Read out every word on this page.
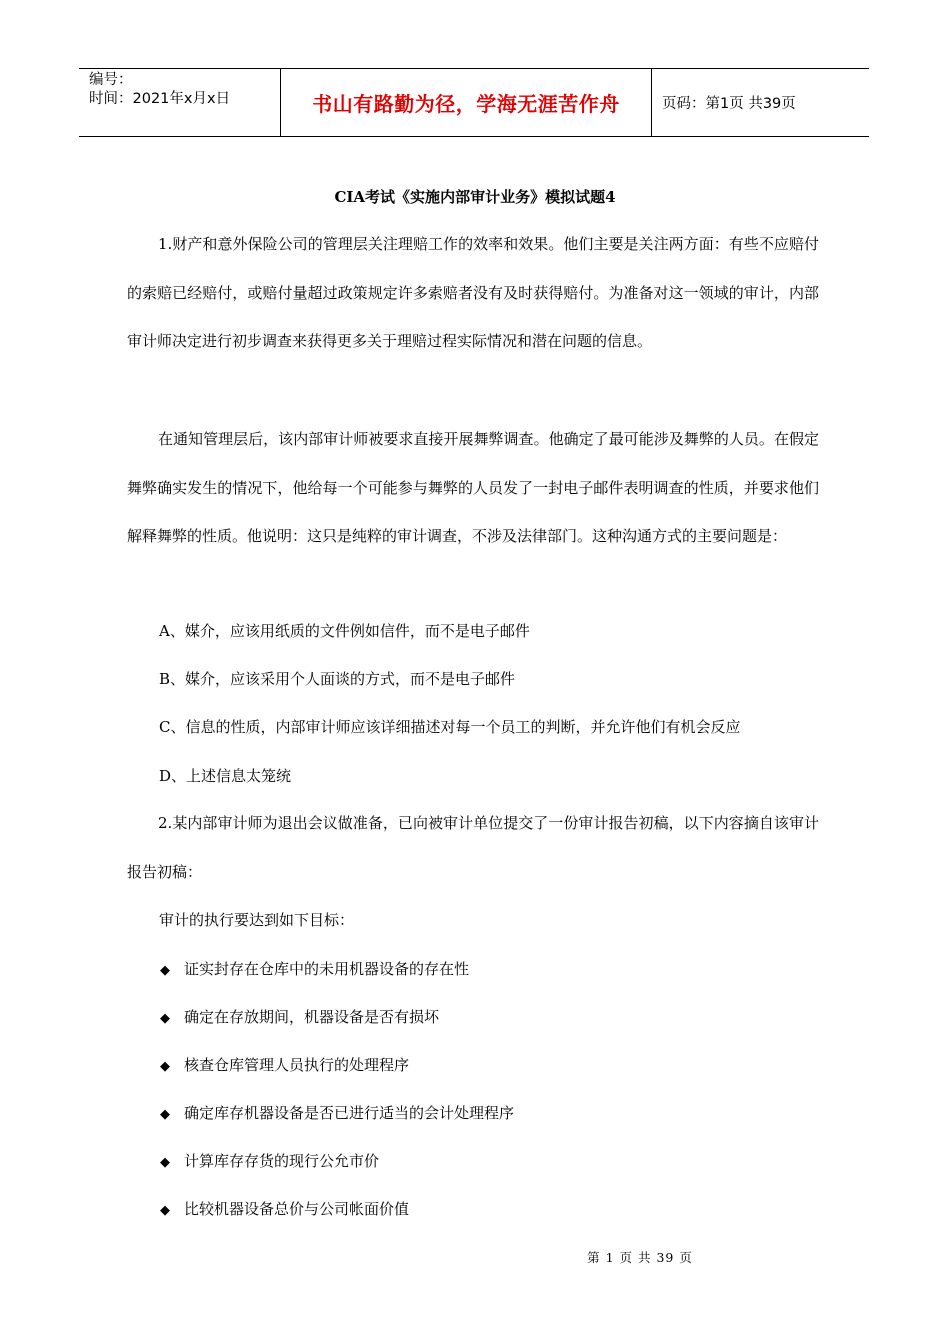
编号：
时间：2021年x月x日	书山有路勤为径，学海无涯苦作舟	页码：第1页 共39页
CIA考试《实施内部审计业务》模拟试题4

1.财产和意外保险公司的管理层关注理赔工作的效率和效果。他们主要是关注两方面：有些不应赔付的索赔已经赔付，或赔付量超过政策规定许多索赔者没有及时获得赔付。为准备对这一领域的审计，内部审计师决定进行初步调查来获得更多关于理赔过程实际情况和潜在问题的信息。

在通知管理层后，该内部审计师被要求直接开展舞弊调查。他确定了最可能涉及舞弊的人员。在假定舞弊确实发生的情况下，他给每一个可能参与舞弊的人员发了一封电子邮件表明调查的性质，并要求他们解释舞弊的性质。他说明：这只是纯粹的审计调查，不涉及法律部门。这种沟通方式的主要问题是：

A、媒介，应该用纸质的文件例如信件，而不是电子邮件

B、媒介，应该采用个人面谈的方式，而不是电子邮件

C、信息的性质，内部审计师应该详细描述对每一个员工的判断，并允许他们有机会反应

D、上述信息太笼统

2.某内部审计师为退出会议做准备，已向被审计单位提交了一份审计报告初稿，以下内容摘自该审计报告初稿：

审计的执行要达到如下目标：

◆ 证实封存在仓库中的未用机器设备的存在性

◆ 确定在存放期间，机器设备是否有损坏

◆ 核查仓库管理人员执行的处理程序

◆ 确定库存机器设备是否已进行适当的会计处理程序

◆ 计算库存存货的现行公允市价

◆ 比较机器设备总价与公司帐面价值

第 1 页 共 39 页
